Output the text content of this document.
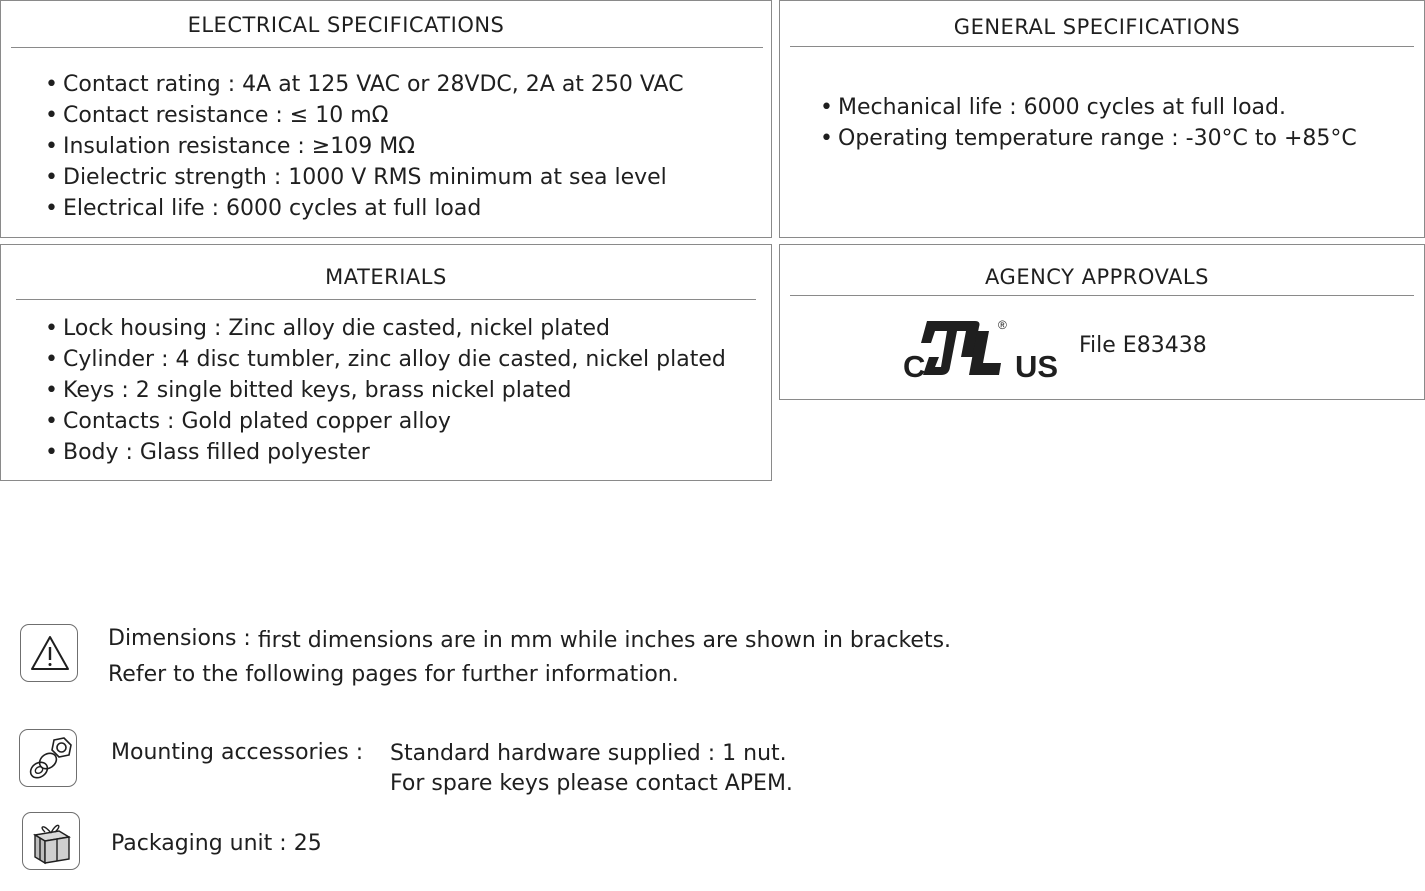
ELECTRICAL SPECIFICATIONS
• Contact rating : 4A at 125 VAC or 28VDC, 2A at 250 VAC
• Contact resistance : ≤ 10 mΩ
• Insulation resistance : ≥109 MΩ
• Dielectric strength : 1000 V RMS minimum at sea level
• Electrical life : 6000 cycles at full load
GENERAL SPECIFICATIONS
• Mechanical life : 6000 cycles at full load.
• Operating temperature range : -30°C to +85°C
MATERIALS
• Lock housing : Zinc alloy die casted, nickel plated
• Cylinder : 4 disc tumbler, zinc alloy die casted, nickel plated
• Keys : 2 single bitted keys, brass nickel plated
• Contacts : Gold plated copper alloy
• Body : Glass filled polyester
AGENCY APPROVALS
C
®
US
File E83438
Dimensions : first dimensions are in mm while inches are shown in brackets.
Refer to the following pages for further information.
Mounting accessories : Standard hardware supplied : 1 nut.
For spare keys please contact APEM.
Packaging unit : 25
